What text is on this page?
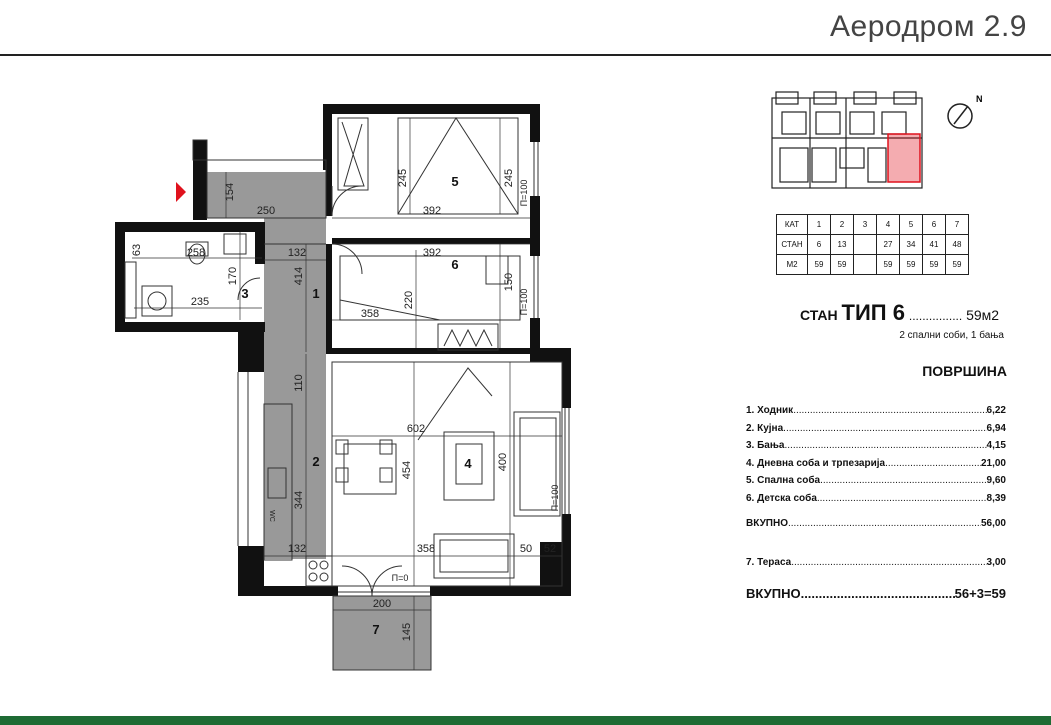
Аеродром 2.9
1
2
3
4
5
6
7
154
250
132
414
63	258
170
235
245
392
245
392
150
220
358
110
602
454	400
344
132	358	50 52
200
145
П=100
П=100
П=100
П=0
WC
N
КАТ	1	2	3	4	5	6	7
СТАН	6	13		27	34	41	48
М2	59	59		59	59	59	59
СТАН ТИП 6 ................ 59м2
2 спални соби, 1 бања
ПОВРШИНА
1. Ходник .....	6,22
2. Кујна .....	6,94
3. Бања .....	4,15
4. Дневна соба и трпезарија .....	21,00
5. Спална соба .....	9,60
6. Детска соба .....	8,39
ВКУПНО .....	56,00
7. Тераса .....	3,00
ВКУПНО .....	56+3=59
